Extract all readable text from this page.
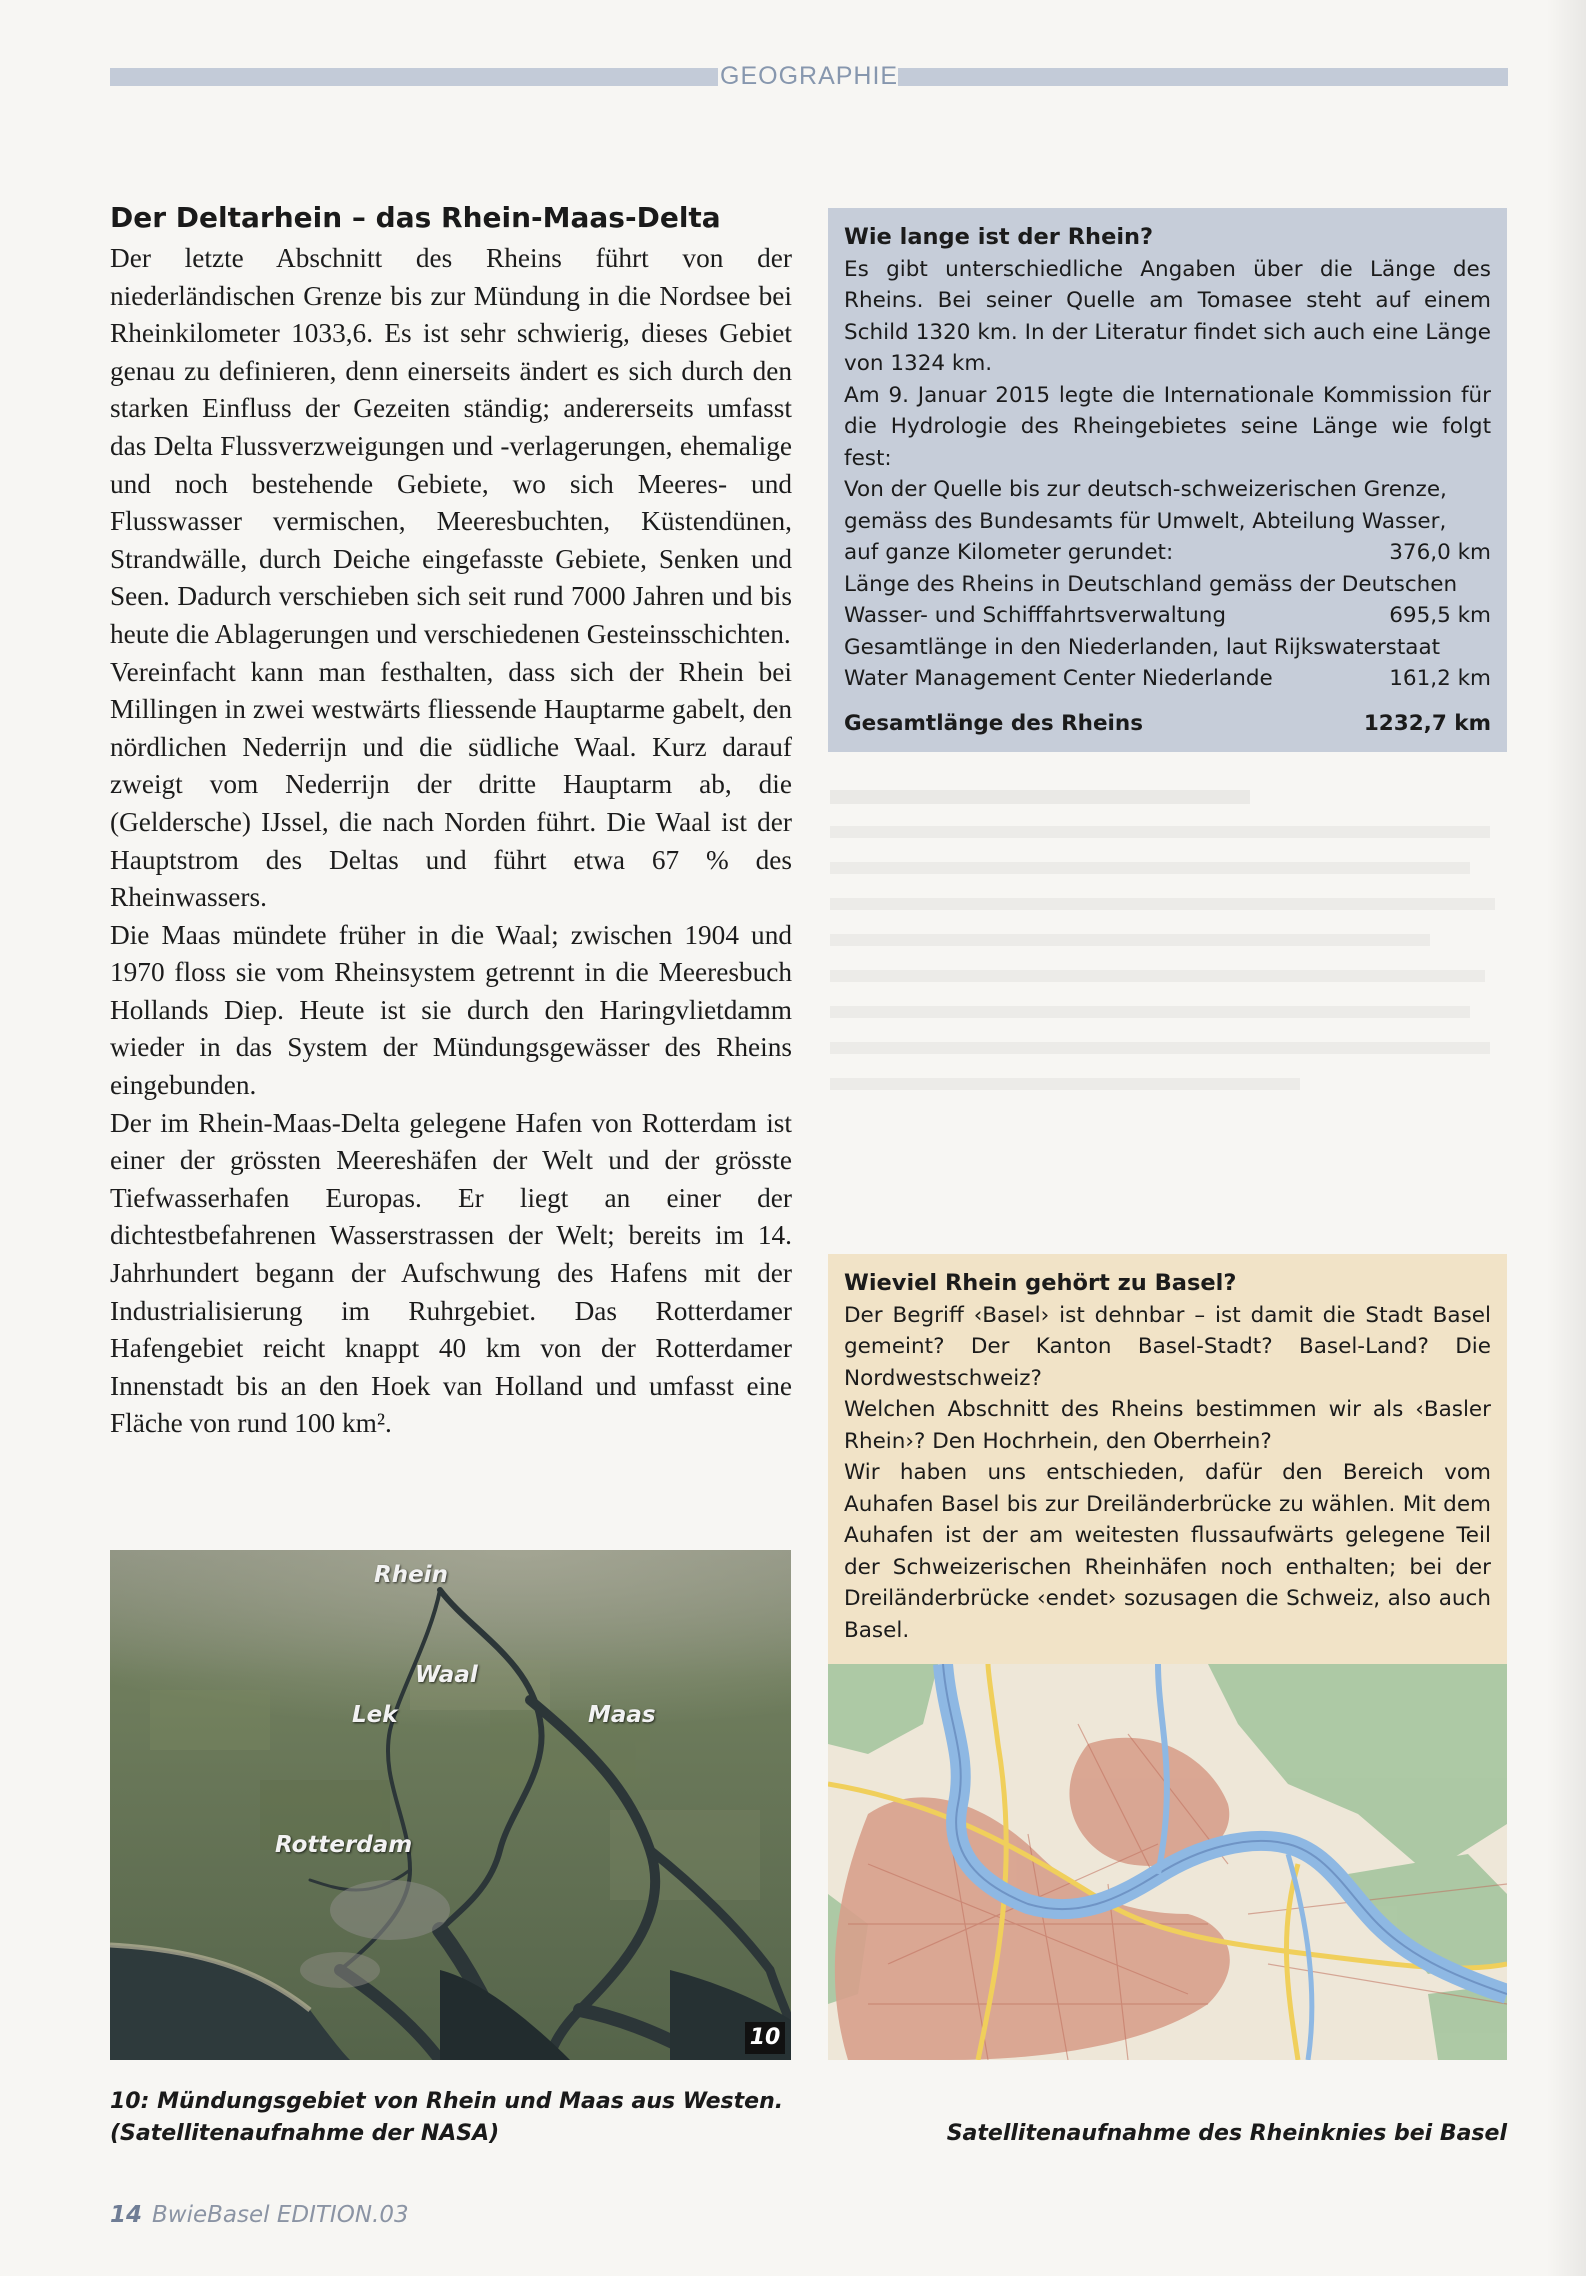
GEOGRAPHIE
Der Deltarhein – das Rhein-Maas-Delta

Der letzte Abschnitt des Rheins führt von der niederländischen Grenze bis zur Mündung in die Nordsee bei Rheinkilometer 1033,6. Es ist sehr schwierig, dieses Gebiet genau zu definieren, denn einerseits ändert es sich durch den starken Einfluss der Gezeiten ständig; andererseits umfasst das Delta Flussverzweigungen und -verlagerungen, ehemalige und noch bestehende Gebiete, wo sich Meeres- und Flusswasser vermischen, Meeresbuchten, Küstendünen, Strandwälle, durch Deiche eingefasste Gebiete, Senken und Seen. Dadurch verschieben sich seit rund 7000 Jahren und bis heute die Ablagerungen und verschiedenen Gesteinsschichten.

Vereinfacht kann man festhalten, dass sich der Rhein bei Millingen in zwei westwärts fliessende Hauptarme gabelt, den nördlichen Nederrijn und die südliche Waal. Kurz darauf zweigt vom Nederrijn der dritte Hauptarm ab, die (Geldersche) IJssel, die nach Norden führt. Die Waal ist der Hauptstrom des Deltas und führt etwa 67 % des Rheinwassers.

Die Maas mündete früher in die Waal; zwischen 1904 und 1970 floss sie vom Rheinsystem getrennt in die Meeresbuch Hollands Diep. Heute ist sie durch den Haringvlietdamm wieder in das System der Mündungsgewässer des Rheins eingebunden.

Der im Rhein-Maas-Delta gelegene Hafen von Rotterdam ist einer der grössten Meereshäfen der Welt und der grösste Tiefwasserhafen Europas. Er liegt an einer der dichtestbefahrenen Wasserstrassen der Welt; bereits im 14. Jahrhundert begann der Aufschwung des Hafens mit der Industrialisierung im Ruhrgebiet. Das Rotterdamer Hafengebiet reicht knappt 40 km von der Rotterdamer Innenstadt bis an den Hoek van Holland und umfasst eine Fläche von rund 100 km².

Wie lange ist der Rhein?

Es gibt unterschiedliche Angaben über die Länge des Rheins. Bei seiner Quelle am Tomasee steht auf einem Schild 1320 km. In der Literatur findet sich auch eine Länge von 1324 km.

Am 9. Januar 2015 legte die Internationale Kommission für die Hydrologie des Rheingebietes seine Länge wie folgt fest:

Von der Quelle bis zur deutsch-schweizerischen Grenze, gemäss des Bundesamts für Umwelt, Abteilung Wasser,
auf ganze Kilometer gerundet:	376,0 km
Länge des Rheins in Deutschland gemäss der Deutschen
Wasser- und Schifffahrtsverwaltung	695,5 km
Gesamtlänge in den Niederlanden, laut Rijkswaterstaat
Water Management Center Niederlande	161,2 km
Gesamtlänge des Rheins	1232,7 km

Wieviel Rhein gehört zu Basel?

Der Begriff ‹Basel› ist dehnbar – ist damit die Stadt Basel gemeint? Der Kanton Basel-Stadt? Basel-Land? Die Nordwestschweiz?

Welchen Abschnitt des Rheins bestimmen wir als ‹Basler Rhein›? Den Hochrhein, den Oberrhein?

Wir haben uns entschieden, dafür den Bereich vom Auhafen Basel bis zur Dreiländerbrücke zu wählen. Mit dem Auhafen ist der am weitesten flussaufwärts gelegene Teil der Schweizerischen Rheinhäfen noch enthalten; bei der Dreiländerbrücke ‹endet› sozusagen die Schweiz, also auch Basel.

Rhein
Waal
Lek	Maas
Rotterdam
10
10: Mündungsgebiet von Rhein und Maas aus Westen.
(Satellitenaufnahme der NASA)	Satellitenaufnahme des Rheinknies bei Basel
14 BwieBasel EDITION.03
